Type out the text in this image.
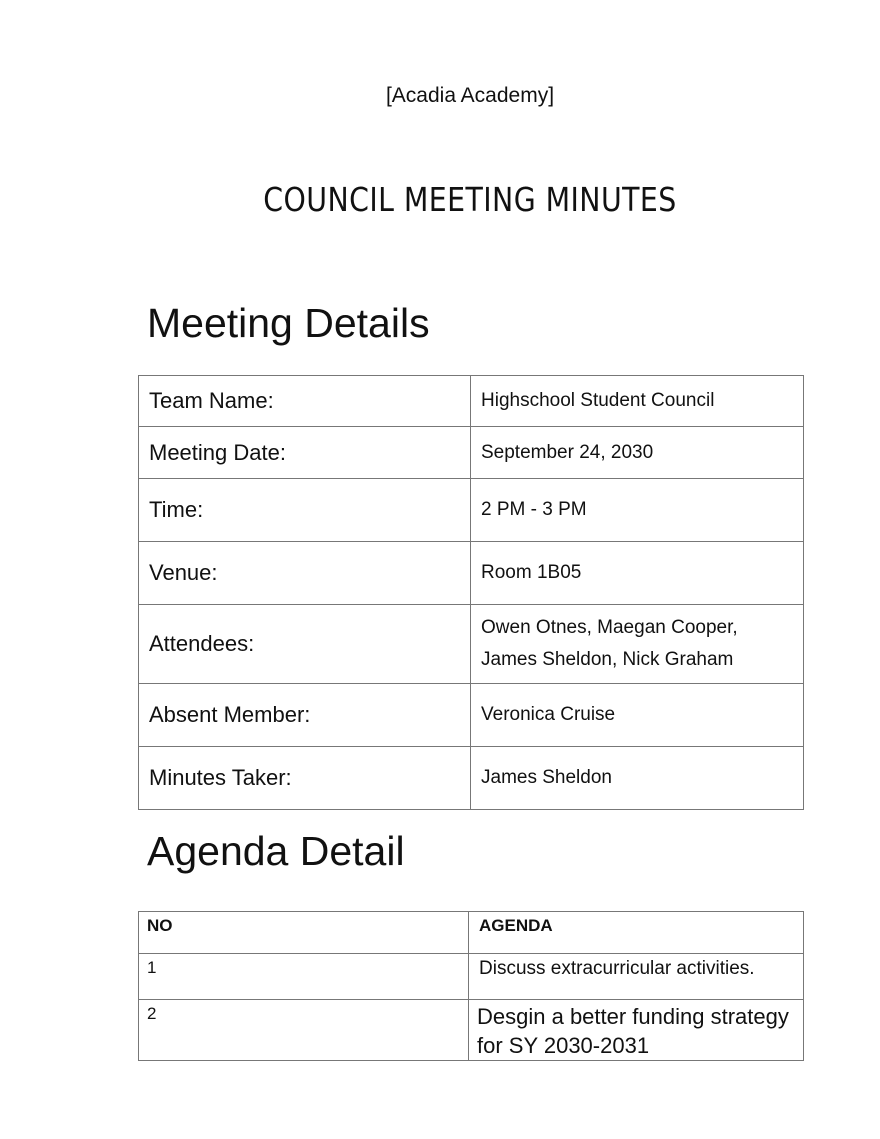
[Acadia Academy]
COUNCIL MEETING MINUTES
Meeting Details
Team Name:	Highschool Student Council
Meeting Date:	September 24, 2030
Time:	2 PM - 3 PM
Venue:	Room 1B05
Attendees:	Owen Otnes, Maegan Cooper, James Sheldon, Nick Graham
Absent Member:	Veronica Cruise
Minutes Taker:	James Sheldon
Agenda Detail
NO	AGENDA
1	Discuss extracurricular activities.
2	Desgin a better funding strategy for SY 2030-2031
